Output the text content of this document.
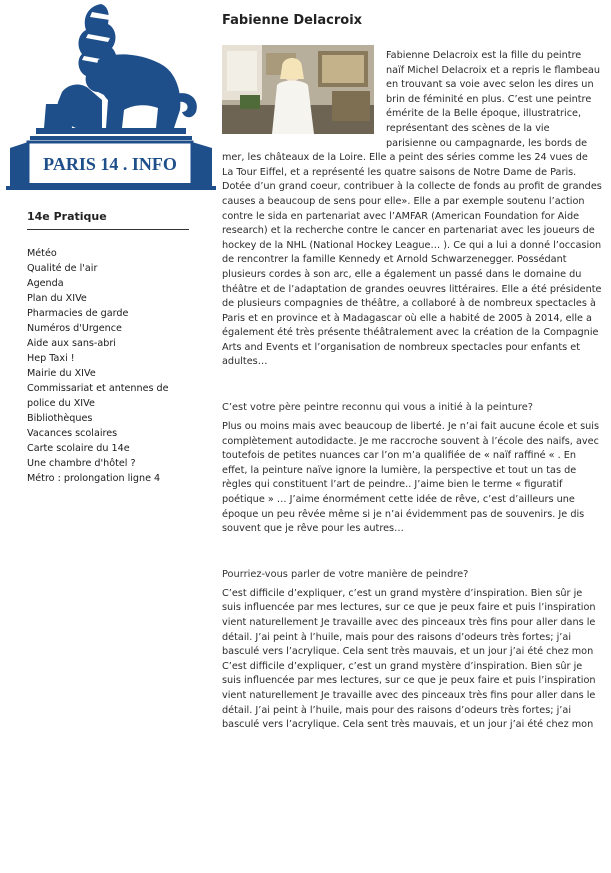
PARIS 14 . INFO
14e Pratique
Météo
Qualité de l'air
Agenda
Plan du XIVe
Pharmacies de garde
Numéros d'Urgence
Aide aux sans-abri
Hep Taxi !
Mairie du XIVe
Commissariat et antennes de police du XIVe
Bibliothèques
Vacances scolaires
Carte scolaire du 14e
Une chambre d'hôtel ?
Métro : prolongation ligne 4
Fabienne Delacroix

Fabienne Delacroix est la fille du peintre naïf Michel Delacroix et a repris le flambeau en trouvant sa voie avec selon les dires un brin de féminité en plus. C’est une peintre émérite de la Belle époque, illustratrice, représentant des scènes de la vie parisienne ou campagnarde, les bords de mer, les châteaux de la Loire. Elle a peint des séries comme les 24 vues de La Tour Eiffel, et a représenté les quatre saisons de Notre Dame de Paris. Dotée d’un grand coeur, contribuer à la collecte de fonds au profit de grandes causes a beaucoup de sens pour elle». Elle a par exemple soutenu l’action contre le sida en partenariat avec l’AMFAR (American Foundation for Aide research) et la recherche contre le cancer en partenariat avec les joueurs de hockey de la NHL (National Hockey League… ). Ce qui a lui a donné l’occasion de rencontrer la famille Kennedy et Arnold Schwarzenegger. Possédant plusieurs cordes à son arc, elle a également un passé dans le domaine du théâtre et de l’adaptation de grandes oeuvres littéraires. Elle a été présidente de plusieurs compagnies de théâtre, a collaboré à de nombreux spectacles à Paris et en province et à Madagascar où elle a habité de 2005 à 2014, elle a également été très présente théâtralement avec la création de la Compagnie Arts and Events et l’organisation de nombreux spectacles pour enfants et adultes…

C’est votre père peintre reconnu qui vous a initié à la peinture?

Plus ou moins mais avec beaucoup de liberté. Je n’ai fait aucune école et suis complètement autodidacte. Je me raccroche souvent à l’école des naifs, avec toutefois de petites nuances car l’on m’a qualifiée de « naïf raffiné « . En effet, la peinture naïve ignore la lumière, la perspective et tout un tas de règles qui constituent l’art de peindre.. J’aime bien le terme « figuratif poétique » … J’aime énormément cette idée de rêve, c’est d’ailleurs une époque un peu rêvée même si je n’ai évidemment pas de souvenirs. Je dis souvent que je rêve pour les autres…

Pourriez-vous parler de votre manière de peindre?

C’est difficile d’expliquer, c’est un grand mystère d’inspiration. Bien sûr je suis influencée par mes lectures, sur ce que je peux faire et puis l’inspiration vient naturellement Je travaille avec des pinceaux très fins pour aller dans le détail. J’ai peint à l’huile, mais pour des raisons d’odeurs très fortes; j’ai basculé vers l’acrylique. Cela sent très mauvais, et un jour j’ai été chez mon C’est difficile d’expliquer, c’est un grand mystère d’inspiration. Bien sûr je suis influencée par mes lectures, sur ce que je peux faire et puis l’inspiration vient naturellement Je travaille avec des pinceaux très fins pour aller dans le détail. J’ai peint à l’huile, mais pour des raisons d’odeurs très fortes; j’ai basculé vers l’acrylique. Cela sent très mauvais, et un jour j’ai été chez mon
